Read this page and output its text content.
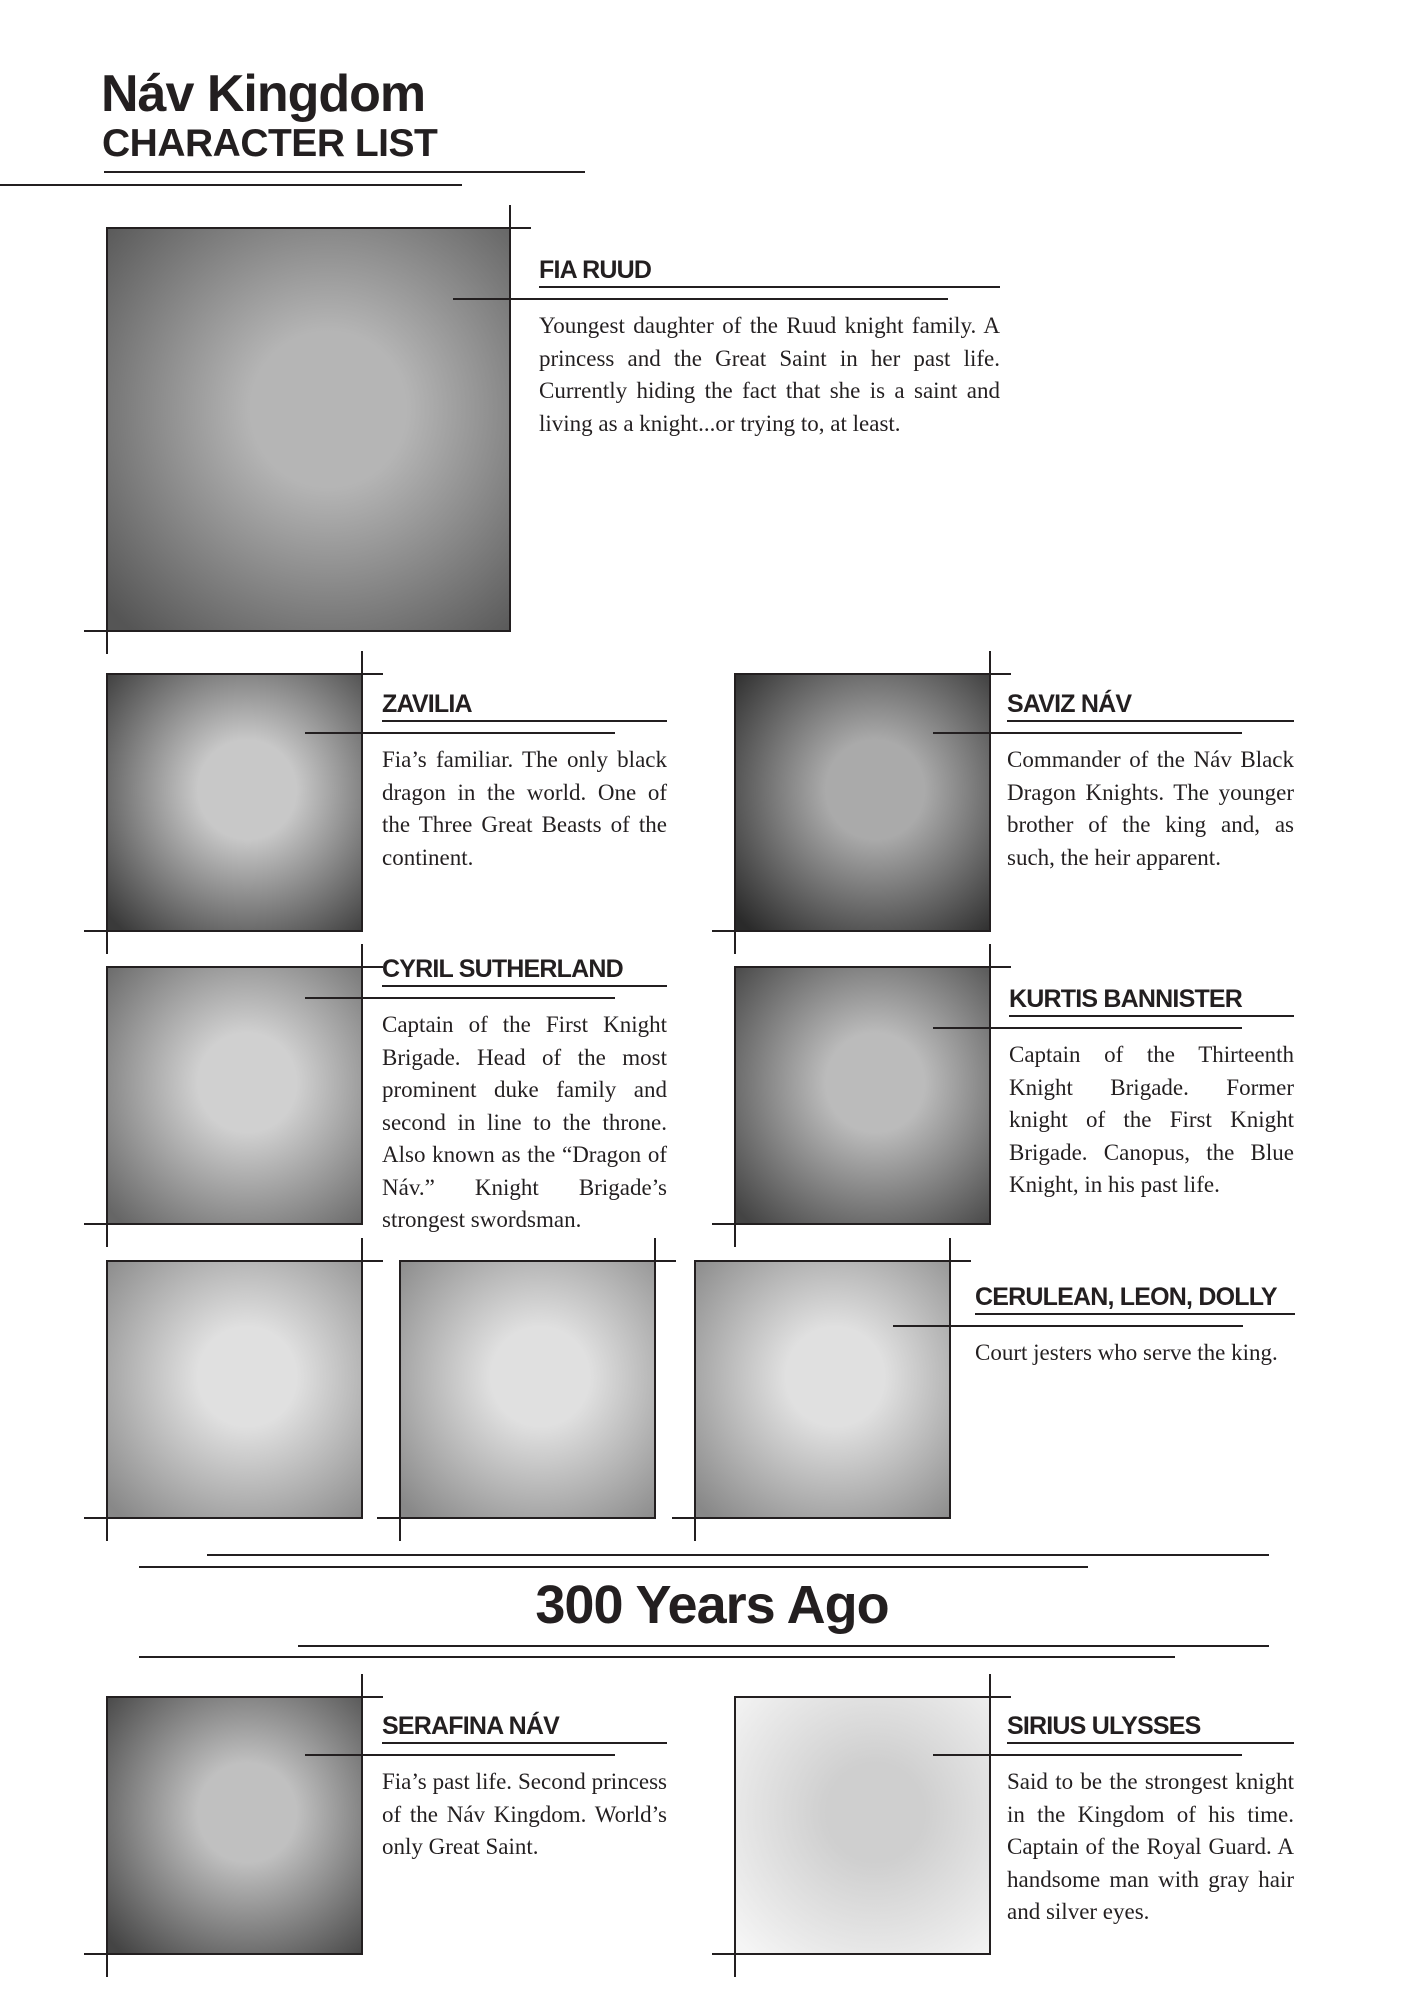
Náv Kingdom
CHARACTER LIST
300 Years Ago
FIA RUUD
Youngest daughter of the Ruud knight family. A princess and the Great Saint in her past life. Currently hiding the fact that she is a saint and living as a knight...or trying to, at least.
ZAVILIA
Fia’s familiar. The only black dragon in the world. One of the Three Great Beasts of the continent.
SAVIZ NÁV
Commander of the Náv Black Dragon Knights. The younger brother of the king and, as such, the heir apparent.
CYRIL SUTHERLAND
Captain of the First Knight Brigade. Head of the most prominent duke family and second in line to the throne. Also known as the “Dragon of Náv.” Knight Brigade’s strongest swordsman.
KURTIS BANNISTER
Captain of the Thirteenth Knight Brigade. Former knight of the First Knight Brigade. Canopus, the Blue Knight, in his past life.
CERULEAN, LEON, DOLLY
Court jesters who serve the king.
SERAFINA NÁV
Fia’s past life. Second princess of the Náv Kingdom. World’s only Great Saint.
SIRIUS ULYSSES
Said to be the strongest knight in the Kingdom of his time. Captain of the Royal Guard. A handsome man with gray hair and silver eyes.
